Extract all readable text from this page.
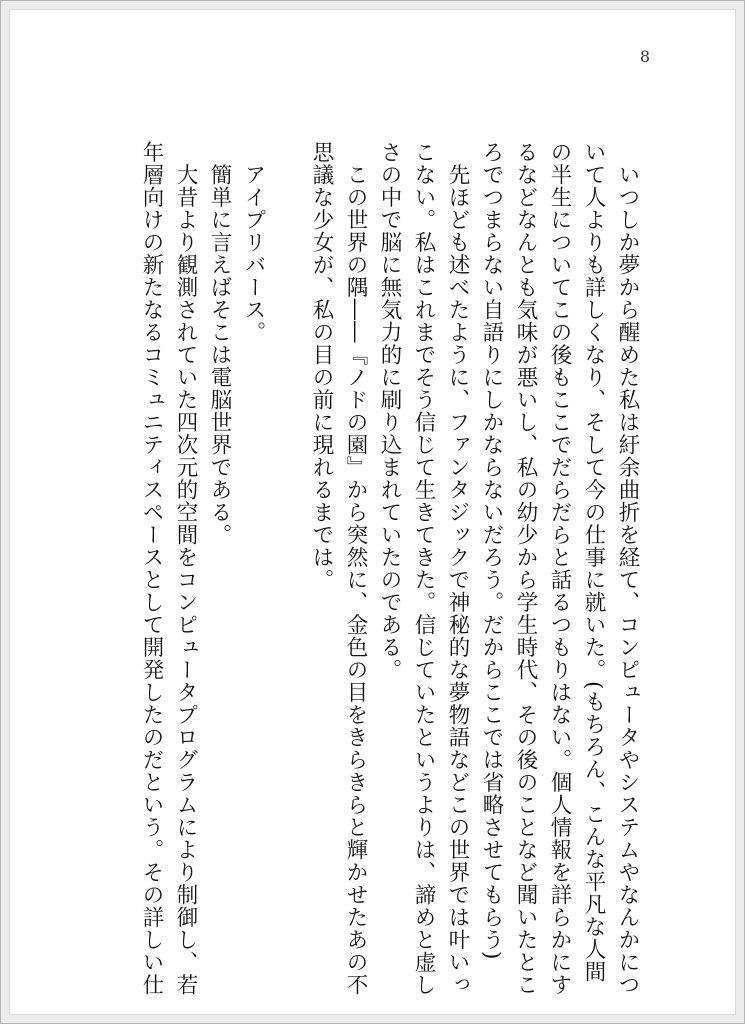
8
いつしか夢から醒めた私は紆余曲折を経て、コンピュータやシステムやなんかにつ
いて人よりも詳しくなり、そして今の仕事に就いた。(もちろん、こんな平凡な人間
の半生についてこの後もここでだらだらと話るつもりはない。個人情報を詳らかにす
るなどなんとも気味が悪いし、私の幼少から学生時代、その後のことなど聞いたとこ
ろでつまらない自語りにしかならないだろう。だからここでは省略させてもらう)
先ほども述べたように、ファンタジックで神秘的な夢物語などこの世界では叶いっ
こない。私はこれまでそう信じて生きてきた。信じていたというよりは、諦めと虚し
さの中で脳に無気力的に刷り込まれていたのである。
この世界の隅――『ノドの園』から突然に、金色の目をきらきらと輝かせたあの不
思議な少女が、私の目の前に現れるまでは。
アイプリバース。
簡単に言えばそこは電脳世界である。
大昔より観測されていた四次元的空間をコンピュータプログラムにより制御し、若
年層向けの新たなるコミュニティスペースとして開発したのだという。その詳しい仕
